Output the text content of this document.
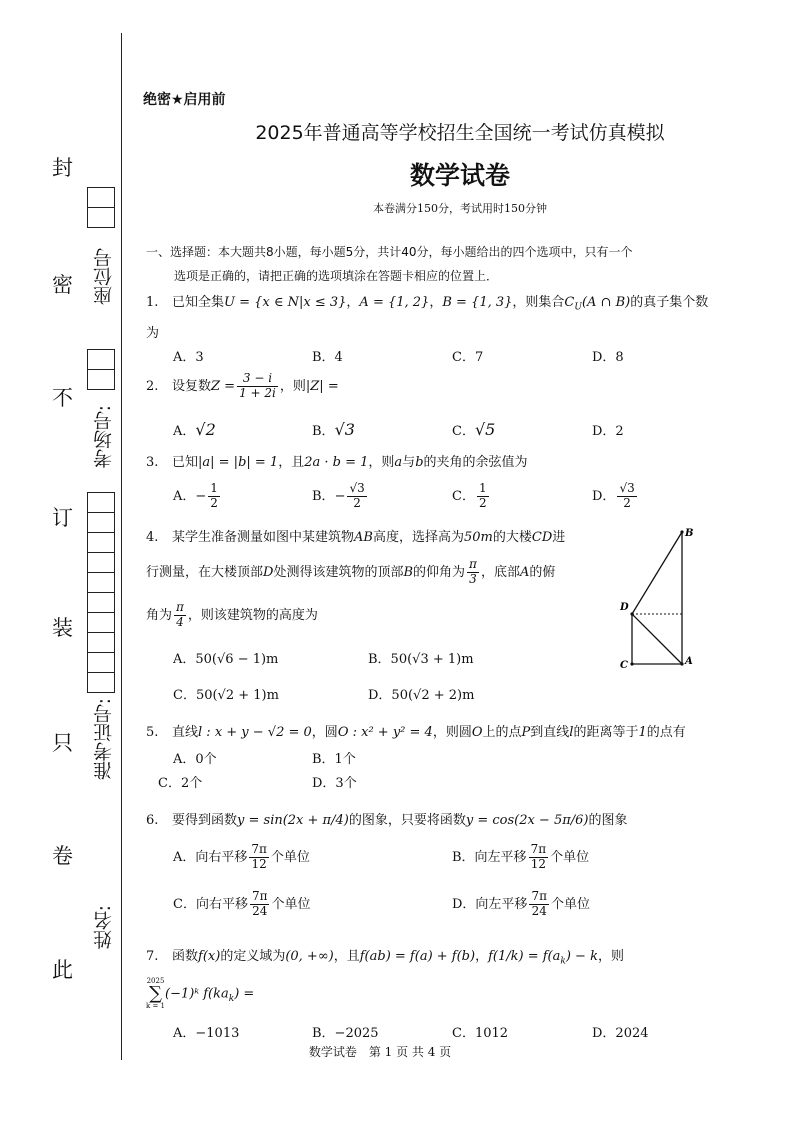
封
密
不
订
装
只
卷
此
座位号
考场号:
准考证号:
姓名:
绝密★启用前
2025年普通高等学校招生全国统一考试仿真模拟
数学试卷
本卷满分150分，考试用时150分钟
一、选择题：本大题共8小题，每小题5分，共计40分，每小题给出的四个选项中，只有一个
选项是正确的，请把正确的选项填涂在答题卡相应的位置上．
1. 已知全集U = {x ∈ N|x ≤ 3}，A = {1, 2}，B = {1, 3}，则集合$C_U(A$ ∩ B)的真子集个数
为
A．3	B．4	C．7	D．8
2. 设复数$Z = \frac{3 - i}{1 + 2i}$ ，则|Z| =
A．√2	B．√3	C．√5	D．2
3. 已知|a| = |b| = 1，且2a · b = 1，则a与b的夹角的余弦值为
A．− $\frac{1}{2}$	B．− $\frac{√3}{2}$	C． $\frac{1}{2}$	D． $\frac{√3}{2}$
4. 某学生准备测量如图中某建筑物AB高度，选择高为50m的大楼CD进
行测量，在大楼顶部D处测得该建筑物的顶部B的仰角为 $\frac{\pi}{3}$ ，底部A的俯
角为 $\frac{\pi}{4}$ ，则该建筑物的高度为
A．50(√6 − 1)m	B．50(√3 + 1)m
C．50(√2 + 1)m	D．50(√2 + 2)m
B
D
C	A
5. 直线l : x + y − √2 = 0，圆O : x² + y² = 4，则圆O上的点P到直线l的距离等于1的点有
A．0个	B．1个
C．2个	D．3个
6. 要得到函数y = sin(2x + π/4)的图象，只要将函数y = cos(2x − 5π/6)的图象
A．向右平移 $\frac{7\pi}{12}$ 个单位	B．向左平移 $\frac{7\pi}{12}$ 个单位
C．向右平移 $\frac{7\pi}{24}$ 个单位	D．向左平移 $\frac{7\pi}{24}$ 个单位
7. 函数f(x)的定义域为(0, +∞)，且f(ab) = f(a) + f(b)，$f(1/k) = f(a_k) - k$，则
2025
∑
k = 1
(−1)ᵏ $f(ka_k)$ =
A．−1013	B．−2025	C．1012	D．2024
数学试卷　第 1 页 共 4 页
